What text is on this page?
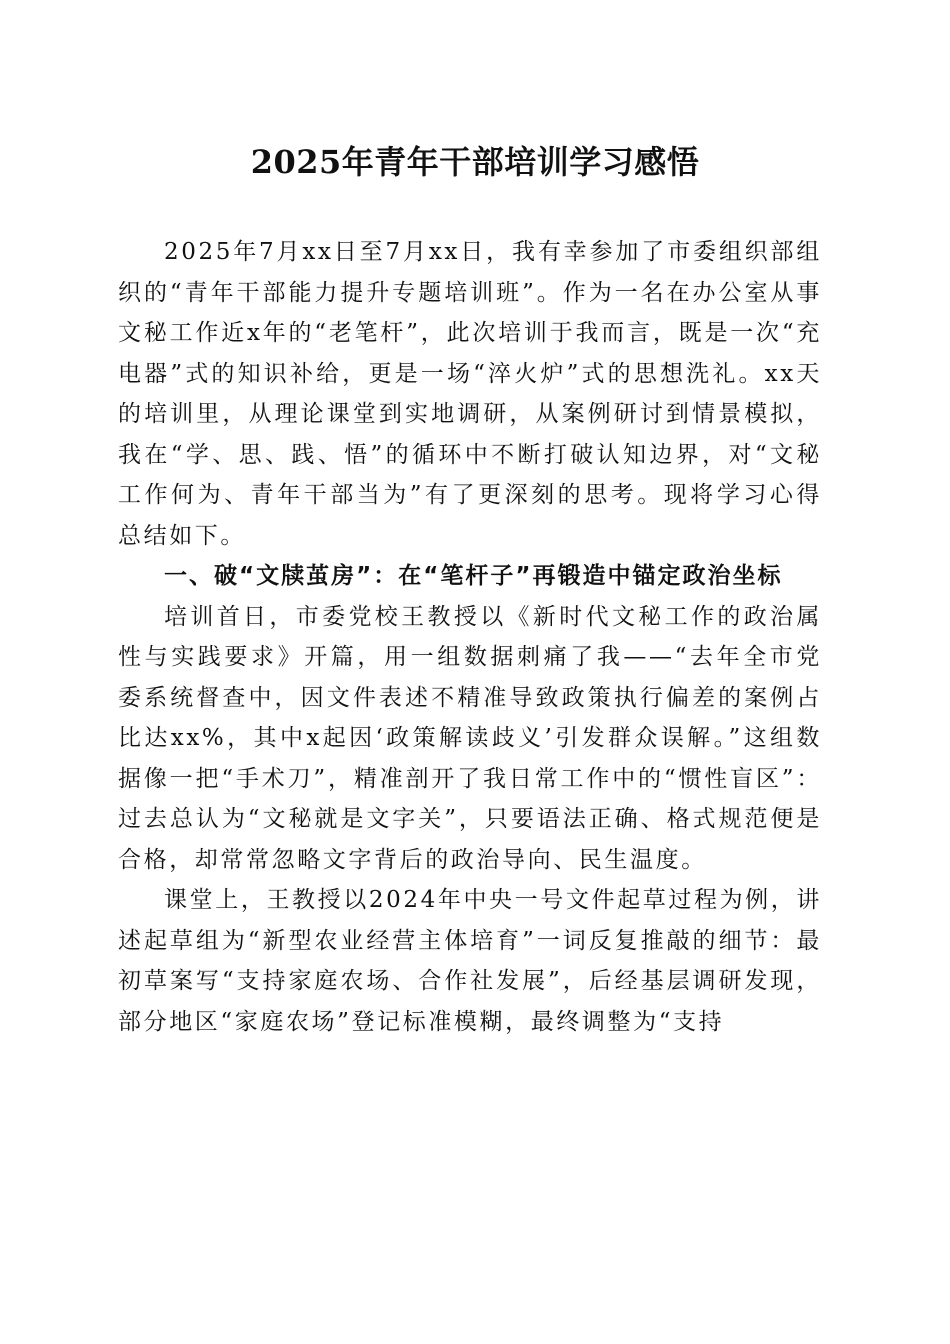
2025年青年干部培训学习感悟

2025年7月xx日至7月xx日，我有幸参加了市委组织部组织的“青年干部能力提升专题培训班”。作为一名在办公室从事文秘工作近x年的“老笔杆”，此次培训于我而言，既是一次“充电器”式的知识补给，更是一场“淬火炉”式的思想洗礼。xx天的培训里，从理论课堂到实地调研，从案例研讨到情景模拟，我在“学、思、践、悟”的循环中不断打破认知边界，对“文秘工作何为、青年干部当为”有了更深刻的思考。现将学习心得总结如下。

一、破“文牍茧房”：在“笔杆子”再锻造中锚定政治坐标

培训首日，市委党校王教授以《新时代文秘工作的政治属性与实践要求》开篇，用一组数据刺痛了我——“去年全市党委系统督查中，因文件表述不精准导致政策执行偏差的案例占比达xx%，其中x起因‘政策解读歧义’引发群众误解。”这组数据像一把“手术刀”，精准剖开了我日常工作中的“惯性盲区”：过去总认为“文秘就是文字关”，只要语法正确、格式规范便是合格，却常常忽略文字背后的政治导向、民生温度。

课堂上，王教授以2024年中央一号文件起草过程为例，讲述起草组为“新型农业经营主体培育”一词反复推敲的细节：最初草案写“支持家庭农场、合作社发展”，后经基层调研发现，部分地区“家庭农场”登记标准模糊，最终调整为“支持
